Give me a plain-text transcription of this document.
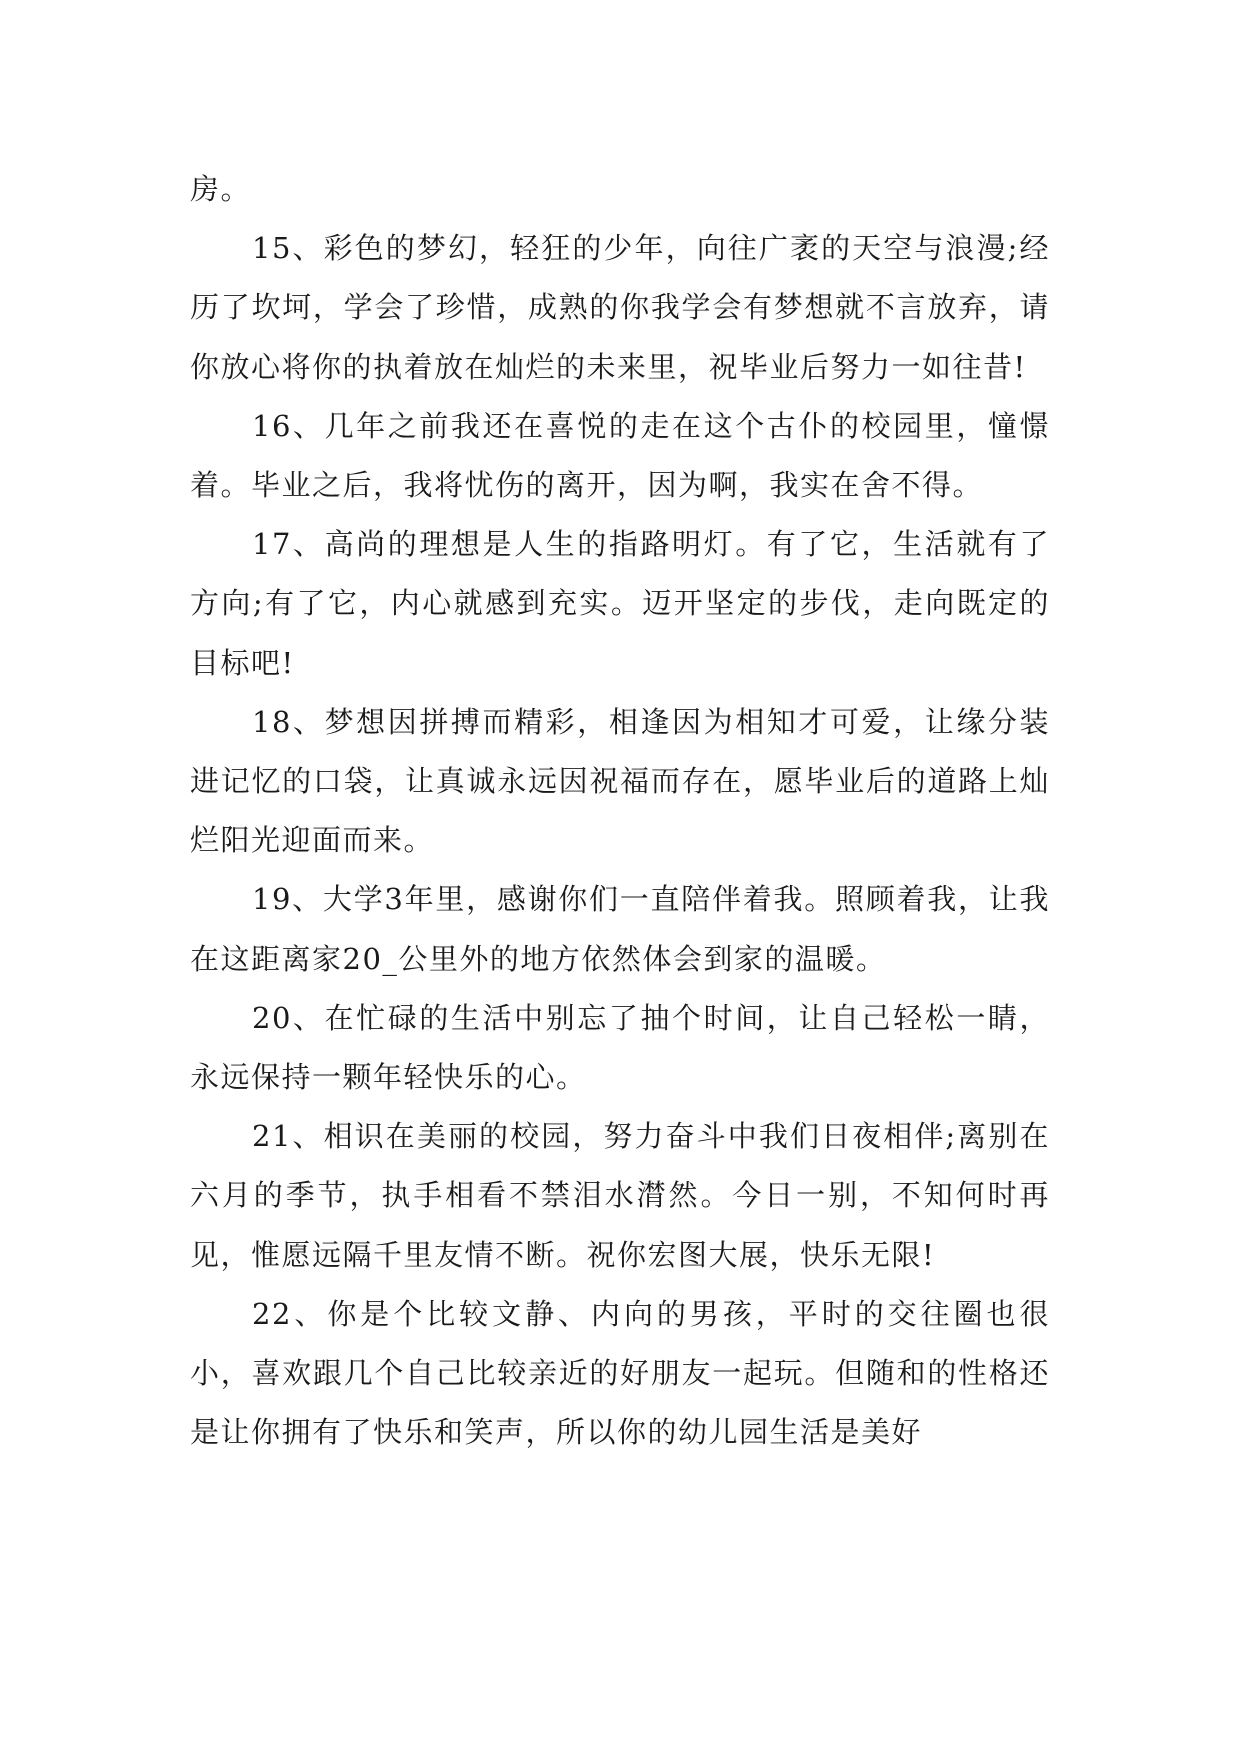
房。

15、彩色的梦幻，轻狂的少年，向往广袤的天空与浪漫;经历了坎坷，学会了珍惜，成熟的你我学会有梦想就不言放弃，请你放心将你的执着放在灿烂的未来里，祝毕业后努力一如往昔!

16、几年之前我还在喜悦的走在这个古仆的校园里，憧憬着。毕业之后，我将忧伤的离开，因为啊，我实在舍不得。

17、高尚的理想是人生的指路明灯。有了它，生活就有了方向;有了它，内心就感到充实。迈开坚定的步伐，走向既定的目标吧!

18、梦想因拼搏而精彩，相逢因为相知才可爱，让缘分装进记忆的口袋，让真诚永远因祝福而存在，愿毕业后的道路上灿烂阳光迎面而来。

19、大学3年里，感谢你们一直陪伴着我。照顾着我，让我在这距离家20_公里外的地方依然体会到家的温暖。

20、在忙碌的生活中别忘了抽个时间，让自己轻松一睛，永远保持一颗年轻快乐的心。

21、相识在美丽的校园，努力奋斗中我们日夜相伴;离别在六月的季节，执手相看不禁泪水潸然。今日一别，不知何时再见，惟愿远隔千里友情不断。祝你宏图大展，快乐无限!

22、你是个比较文静、内向的男孩，平时的交往圈也很小，喜欢跟几个自己比较亲近的好朋友一起玩。但随和的性格还是让你拥有了快乐和笑声，所以你的幼儿园生活是美好
